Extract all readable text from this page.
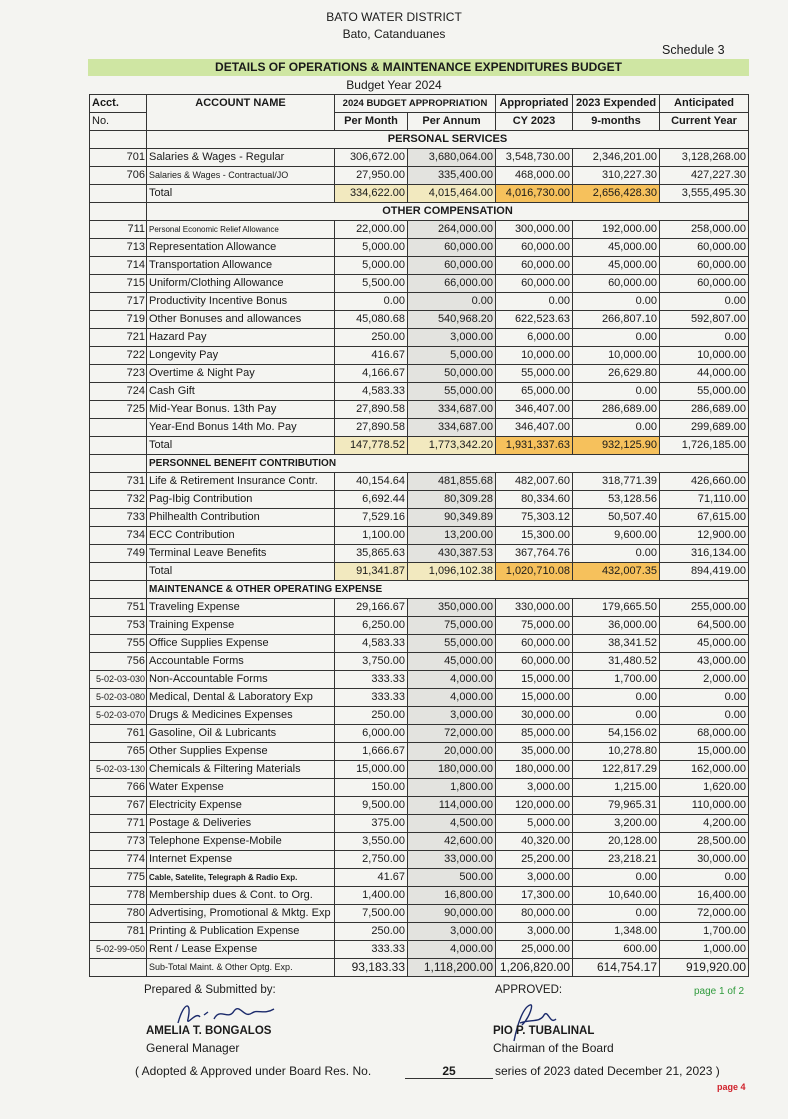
BATO WATER DISTRICT
Bato, Catanduanes
Schedule 3
DETAILS OF OPERATIONS & MAINTENANCE EXPENDITURES BUDGET
Budget Year 2024
Acct.	ACCOUNT NAME	2024 BUDGET APPROPRIATION		Appropriated	2023 Expended	Anticipated
No.		Per Month	Per Annum	CY 2023	9-months	Current Year
	PERSONAL SERVICES					
701	Salaries & Wages - Regular	306,672.00	3,680,064.00	3,548,730.00	2,346,201.00	3,128,268.00
706	Salaries & Wages - Contractual/JO	27,950.00	335,400.00	468,000.00	310,227.30	427,227.30
	Total	334,622.00	4,015,464.00	4,016,730.00	2,656,428.30	3,555,495.30
	OTHER COMPENSATION					
711	Personal Economic Relief Allowance	22,000.00	264,000.00	300,000.00	192,000.00	258,000.00
713	Representation Allowance	5,000.00	60,000.00	60,000.00	45,000.00	60,000.00
714	Transportation Allowance	5,000.00	60,000.00	60,000.00	45,000.00	60,000.00
715	Uniform/Clothing Allowance	5,500.00	66,000.00	60,000.00	60,000.00	60,000.00
717	Productivity Incentive Bonus	0.00	0.00	0.00	0.00	0.00
719	Other Bonuses and allowances	45,080.68	540,968.20	622,523.63	266,807.10	592,807.00
721	Hazard Pay	250.00	3,000.00	6,000.00	0.00	0.00
722	Longevity Pay	416.67	5,000.00	10,000.00	10,000.00	10,000.00
723	Overtime & Night Pay	4,166.67	50,000.00	55,000.00	26,629.80	44,000.00
724	Cash Gift	4,583.33	55,000.00	65,000.00	0.00	55,000.00
725	Mid-Year Bonus. 13th Pay	27,890.58	334,687.00	346,407.00	286,689.00	286,689.00
	Year-End Bonus 14th Mo. Pay	27,890.58	334,687.00	346,407.00	0.00	299,689.00
	Total	147,778.52	1,773,342.20	1,931,337.63	932,125.90	1,726,185.00
	PERSONNEL BENEFIT CONTRIBUTION					
731	Life & Retirement Insurance Contr.	40,154.64	481,855.68	482,007.60	318,771.39	426,660.00
732	Pag-Ibig Contribution	6,692.44	80,309.28	80,334.60	53,128.56	71,110.00
733	Philhealth Contribution	7,529.16	90,349.89	75,303.12	50,507.40	67,615.00
734	ECC Contribution	1,100.00	13,200.00	15,300.00	9,600.00	12,900.00
749	Terminal Leave Benefits	35,865.63	430,387.53	367,764.76	0.00	316,134.00
	Total	91,341.87	1,096,102.38	1,020,710.08	432,007.35	894,419.00
	MAINTENANCE & OTHER OPERATING EXPENSE					
751	Traveling Expense	29,166.67	350,000.00	330,000.00	179,665.50	255,000.00
753	Training Expense	6,250.00	75,000.00	75,000.00	36,000.00	64,500.00
755	Office Supplies Expense	4,583.33	55,000.00	60,000.00	38,341.52	45,000.00
756	Accountable Forms	3,750.00	45,000.00	60,000.00	31,480.52	43,000.00
5-02-03-030	Non-Accountable Forms	333.33	4,000.00	15,000.00	1,700.00	2,000.00
5-02-03-080	Medical, Dental & Laboratory Exp	333.33	4,000.00	15,000.00	0.00	0.00
5-02-03-070	Drugs & Medicines Expenses	250.00	3,000.00	30,000.00	0.00	0.00
761	Gasoline, Oil & Lubricants	6,000.00	72,000.00	85,000.00	54,156.02	68,000.00
765	Other Supplies Expense	1,666.67	20,000.00	35,000.00	10,278.80	15,000.00
5-02-03-130	Chemicals & Filtering Materials	15,000.00	180,000.00	180,000.00	122,817.29	162,000.00
766	Water Expense	150.00	1,800.00	3,000.00	1,215.00	1,620.00
767	Electricity Expense	9,500.00	114,000.00	120,000.00	79,965.31	110,000.00
771	Postage & Deliveries	375.00	4,500.00	5,000.00	3,200.00	4,200.00
773	Telephone Expense-Mobile	3,550.00	42,600.00	40,320.00	20,128.00	28,500.00
774	Internet Expense	2,750.00	33,000.00	25,200.00	23,218.21	30,000.00
775	Cable, Satelite, Telegraph & Radio Exp.	41.67	500.00	3,000.00	0.00	0.00
778	Membership dues & Cont. to Org.	1,400.00	16,800.00	17,300.00	10,640.00	16,400.00
780	Advertising, Promotional & Mktg. Exp	7,500.00	90,000.00	80,000.00	0.00	72,000.00
781	Printing & Publication Expense	250.00	3,000.00	3,000.00	1,348.00	1,700.00
5-02-99-050	Rent / Lease Expense	333.33	4,000.00	25,000.00	600.00	1,000.00
	Sub-Total Maint. & Other Optg. Exp.	93,183.33	1,118,200.00	1,206,820.00	614,754.17	919,920.00
Prepared & Submitted by:	APPROVED:	page 1 of 2
AMELIA T. BONGALOS
General Manager
PIO P. TUBALINAL
Chairman of the Board
( Adopted & Approved under Board Res. No.	25	series of 2023 dated December 21, 2023 )
page 4
